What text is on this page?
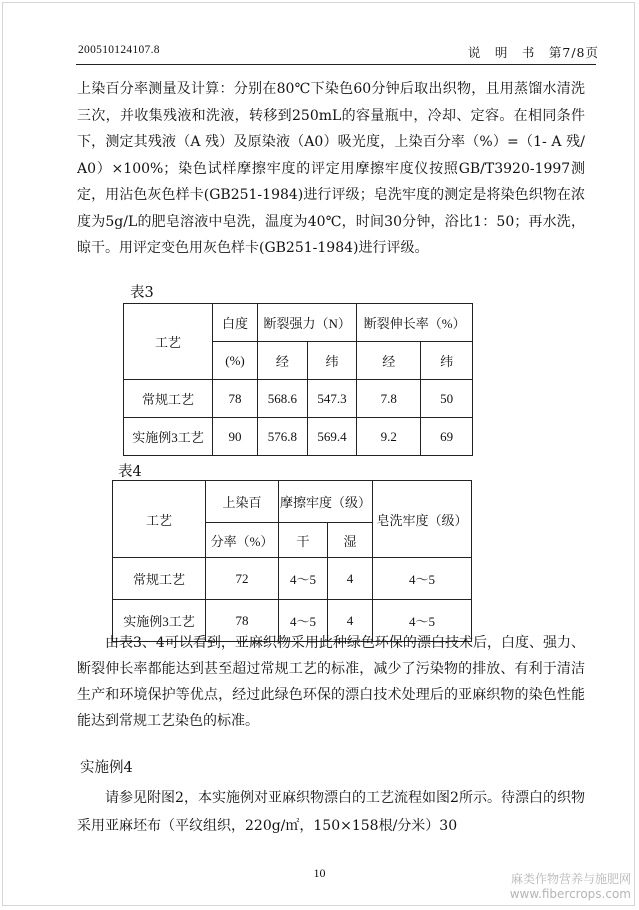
200510124107.8	说　明　书　第7/8页

上染百分率测量及计算：分别在80℃下染色60分钟后取出织物，且用蒸馏水清洗三次，并收集残液和洗液，转移到250mL的容量瓶中，冷却、定容。在相同条件下，测定其残液（A 残）及原染液（A0）吸光度，上染百分率（%）=（1- A 残/ A0）×100%；染色试样摩擦牢度的评定用摩擦牢度仪按照GB/T3920-1997测定，用沾色灰色样卡(GB251-1984)进行评级；皂洗牢度的测定是将染色织物在浓度为5g/L的肥皂溶液中皂洗，温度为40℃，时间30分钟，浴比1：50；再水洗，晾干。用评定变色用灰色样卡(GB251-1984)进行评级。

表3

工艺	白度	断裂强力（N）		断裂伸长率（%）	
	(%)	经	纬	经	纬
常规工艺	78	568.6	547.3	7.8	50
实施例3工艺	90	576.8	569.4	9.2	69

表4

工艺	上染百	摩擦牢度（级）		皂洗牢度（级）
	分率（%）	干	湿	
常规工艺	72	4～5	4	4～5
实施例3工艺	78	4～5	4	4～5

由表3、4可以看到，亚麻织物采用此种绿色环保的漂白技术后，白度、强力、断裂伸长率都能达到甚至超过常规工艺的标准，减少了污染物的排放、有利于清洁生产和环境保护等优点，经过此绿色环保的漂白技术处理后的亚麻织物的染色性能能达到常规工艺染色的标准。

实施例4

请参见附图2，本实施例对亚麻织物漂白的工艺流程如图2所示。待漂白的织物采用亚麻坯布（平纹组织，220g/㎡，150×158根/分米）30

10	麻类作物营养与施肥网
www.fibercrops.com
